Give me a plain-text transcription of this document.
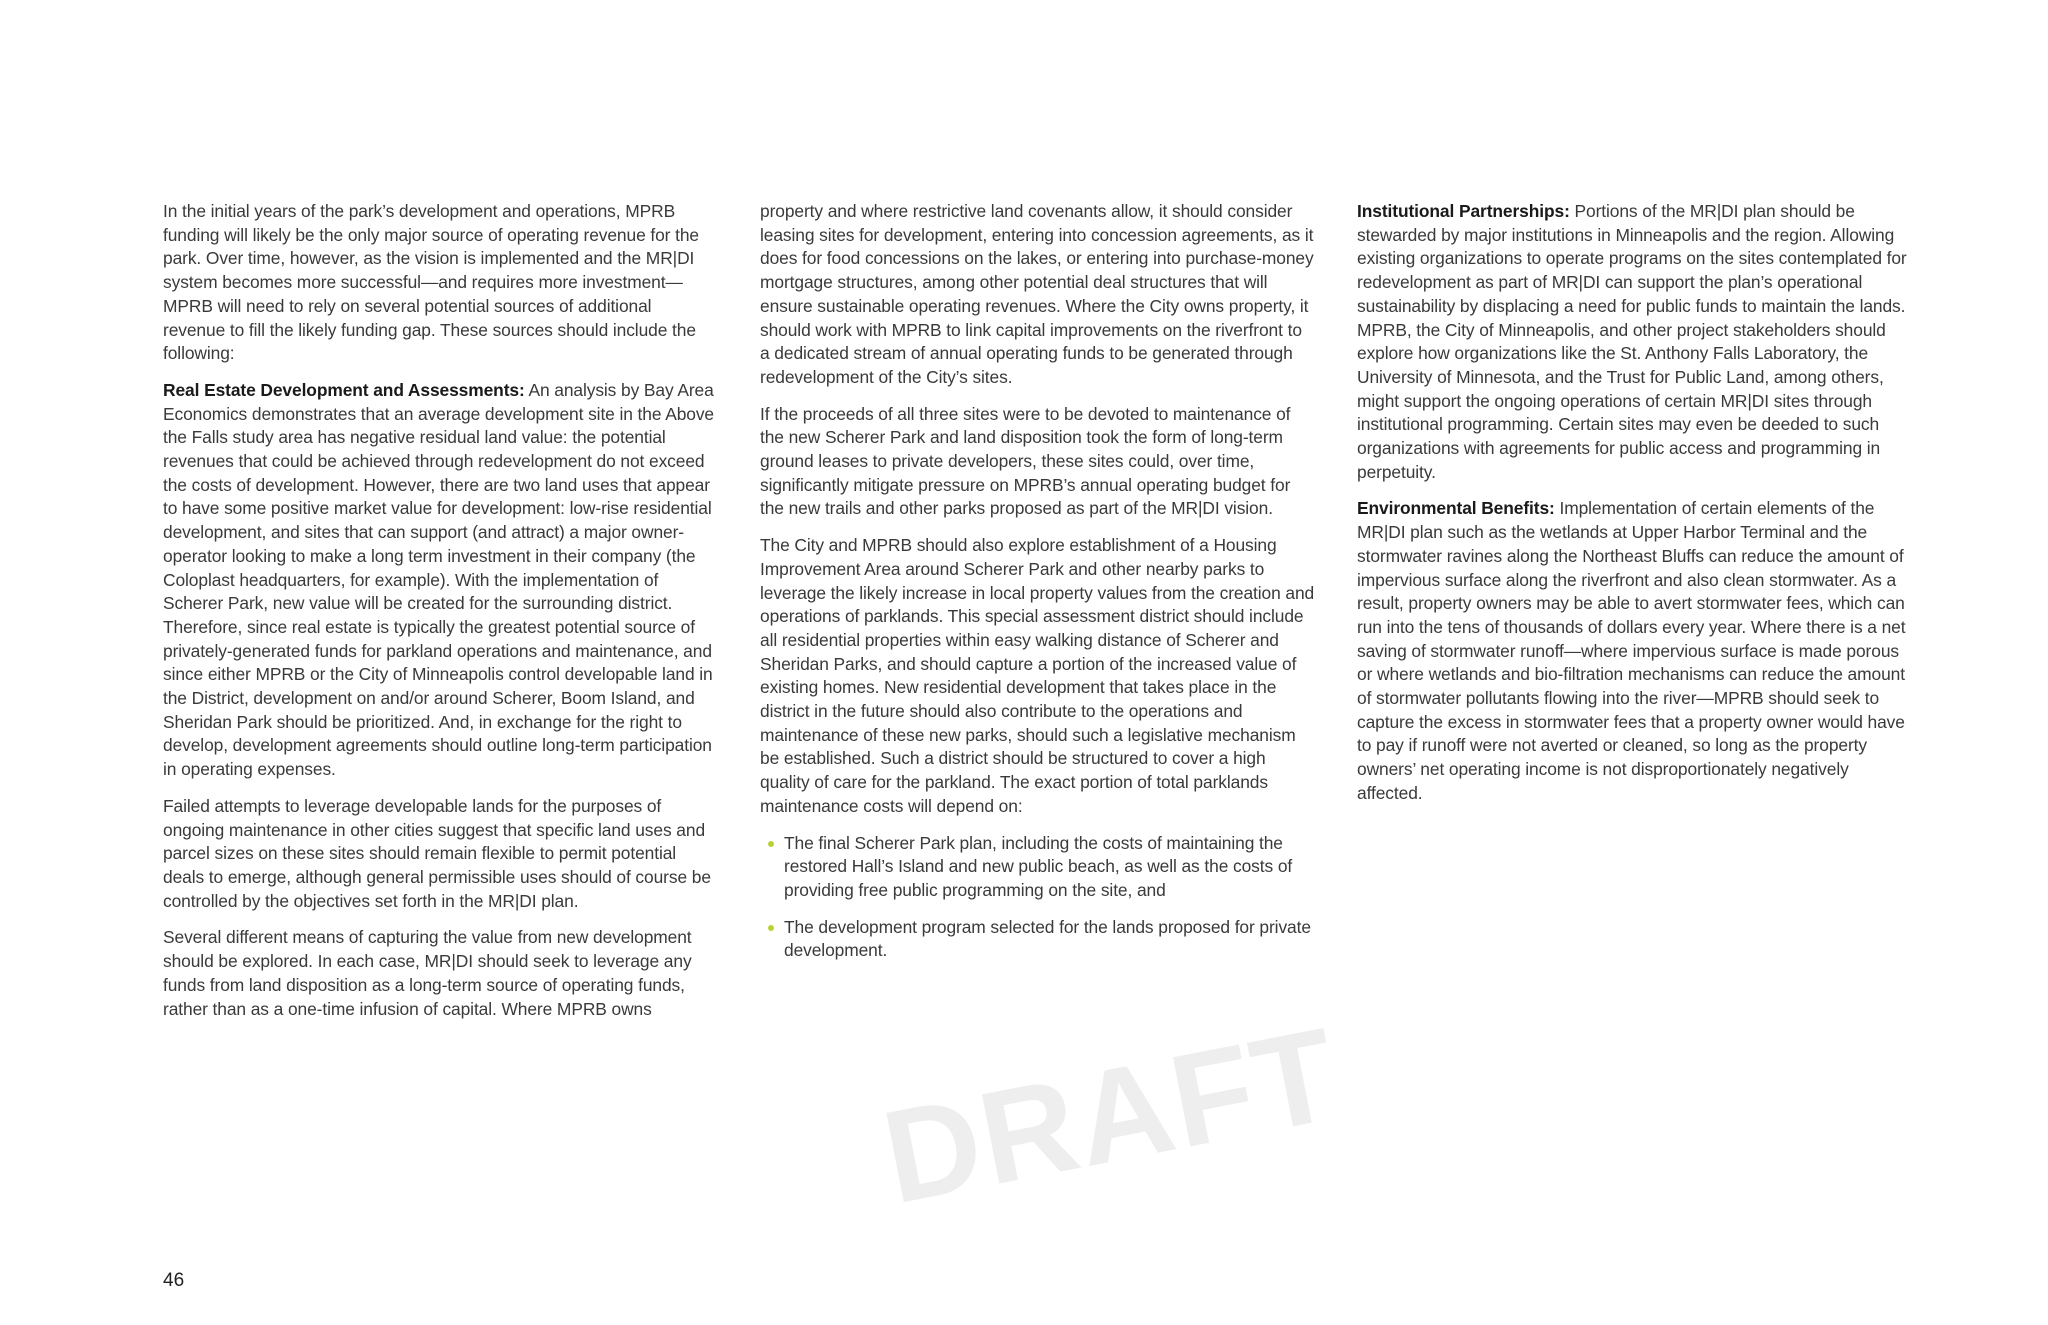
In the initial years of the park’s development and operations, MPRB funding will likely be the only major source of operating revenue for the park. Over time, however, as the vision is implemented and the MR|DI system becomes more successful—and requires more investment—MPRB will need to rely on several potential sources of additional revenue to fill the likely funding gap. These sources should include the following:

Real Estate Development and Assessments: An analysis by Bay Area Economics demonstrates that an average development site in the Above the Falls study area has negative residual land value: the potential revenues that could be achieved through redevelopment do not exceed the costs of development. However, there are two land uses that appear to have some positive market value for development: low-rise residential development, and sites that can support (and attract) a major owner-operator looking to make a long term investment in their company (the Coloplast headquarters, for example). With the implementation of Scherer Park, new value will be created for the surrounding district. Therefore, since real estate is typically the greatest potential source of privately-generated funds for parkland operations and maintenance, and since either MPRB or the City of Minneapolis control developable land in the District, development on and/or around Scherer, Boom Island, and Sheridan Park should be prioritized. And, in exchange for the right to develop, development agreements should outline long-term participation in operating expenses.

Failed attempts to leverage developable lands for the purposes of ongoing maintenance in other cities suggest that specific land uses and parcel sizes on these sites should remain flexible to permit potential deals to emerge, although general permissible uses should of course be controlled by the objectives set forth in the MR|DI plan.

Several different means of capturing the value from new development should be explored. In each case, MR|DI should seek to leverage any funds from land disposition as a long-term source of operating funds, rather than as a one-time infusion of capital. Where MPRB owns

property and where restrictive land covenants allow, it should consider leasing sites for development, entering into concession agreements, as it does for food concessions on the lakes, or entering into purchase-money mortgage structures, among other potential deal structures that will ensure sustainable operating revenues. Where the City owns property, it should work with MPRB to link capital improvements on the riverfront to a dedicated stream of annual operating funds to be generated through redevelopment of the City’s sites.

If the proceeds of all three sites were to be devoted to maintenance of the new Scherer Park and land disposition took the form of long-term ground leases to private developers, these sites could, over time, significantly mitigate pressure on MPRB’s annual operating budget for the new trails and other parks proposed as part of the MR|DI vision.

The City and MPRB should also explore establishment of a Housing Improvement Area around Scherer Park and other nearby parks to leverage the likely increase in local property values from the creation and operations of parklands. This special assessment district should include all residential properties within easy walking distance of Scherer and Sheridan Parks, and should capture a portion of the increased value of existing homes. New residential development that takes place in the district in the future should also contribute to the operations and maintenance of these new parks, should such a legislative mechanism be established. Such a district should be structured to cover a high quality of care for the parkland. The exact portion of total parklands maintenance costs will depend on:

The final Scherer Park plan, including the costs of maintaining the restored Hall’s Island and new public beach, as well as the costs of providing free public programming on the site, and
The development program selected for the lands proposed for private development.

Institutional Partnerships: Portions of the MR|DI plan should be stewarded by major institutions in Minneapolis and the region. Allowing existing organizations to operate programs on the sites contemplated for redevelopment as part of MR|DI can support the plan’s operational sustainability by displacing a need for public funds to maintain the lands. MPRB, the City of Minneapolis, and other project stakeholders should explore how organizations like the St. Anthony Falls Laboratory, the University of Minnesota, and the Trust for Public Land, among others, might support the ongoing operations of certain MR|DI sites through institutional programming. Certain sites may even be deeded to such organizations with agreements for public access and programming in perpetuity.

Environmental Benefits: Implementation of certain elements of the MR|DI plan such as the wetlands at Upper Harbor Terminal and the stormwater ravines along the Northeast Bluffs can reduce the amount of impervious surface along the riverfront and also clean stormwater. As a result, property owners may be able to avert stormwater fees, which can run into the tens of thousands of dollars every year. Where there is a net saving of stormwater runoff—where impervious surface is made porous or where wetlands and bio-filtration mechanisms can reduce the amount of stormwater pollutants flowing into the river—MPRB should seek to capture the excess in stormwater fees that a property owner would have to pay if runoff were not averted or cleaned, so long as the property owners’ net operating income is not disproportionately negatively affected.

DRAFT
46
